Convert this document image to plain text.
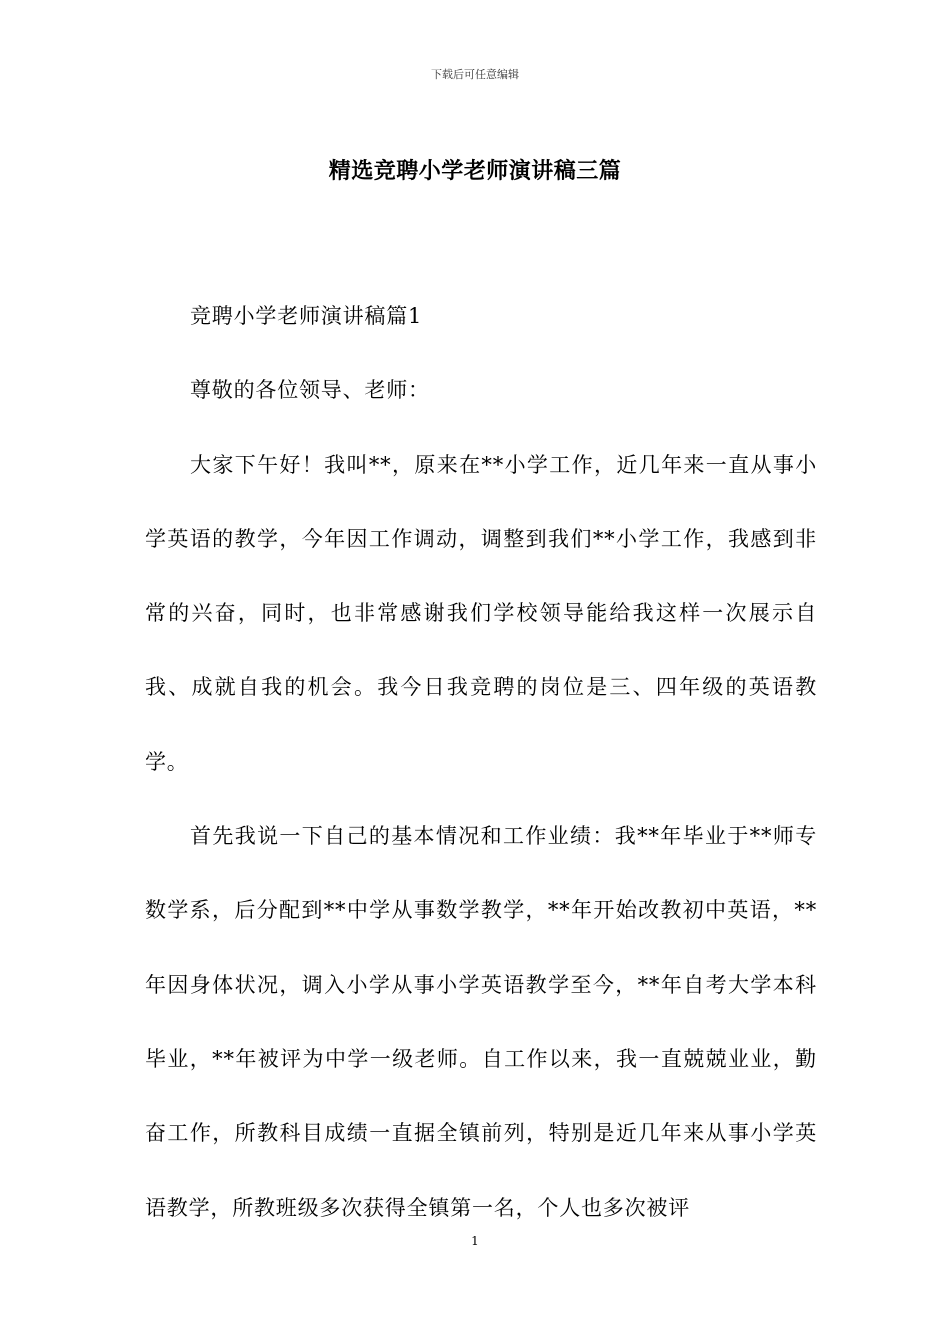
下载后可任意编辑
精选竞聘小学老师演讲稿三篇

竞聘小学老师演讲稿篇1

尊敬的各位领导、老师：

大家下午好！我叫**，原来在**小学工作，近几年来一直从事小学英语的教学，今年因工作调动，调整到我们**小学工作，我感到非常的兴奋，同时，也非常感谢我们学校领导能给我这样一次展示自我、成就自我的机会。我今日我竞聘的岗位是三、四年级的英语教学。

首先我说一下自己的基本情况和工作业绩：我**年毕业于**师专数学系，后分配到**中学从事数学教学，**年开始改教初中英语，**年因身体状况，调入小学从事小学英语教学至今，**年自考大学本科毕业，**年被评为中学一级老师。自工作以来，我一直兢兢业业，勤奋工作，所教科目成绩一直据全镇前列，特别是近几年来从事小学英语教学，所教班级多次获得全镇第一名，个人也多次被评

1
